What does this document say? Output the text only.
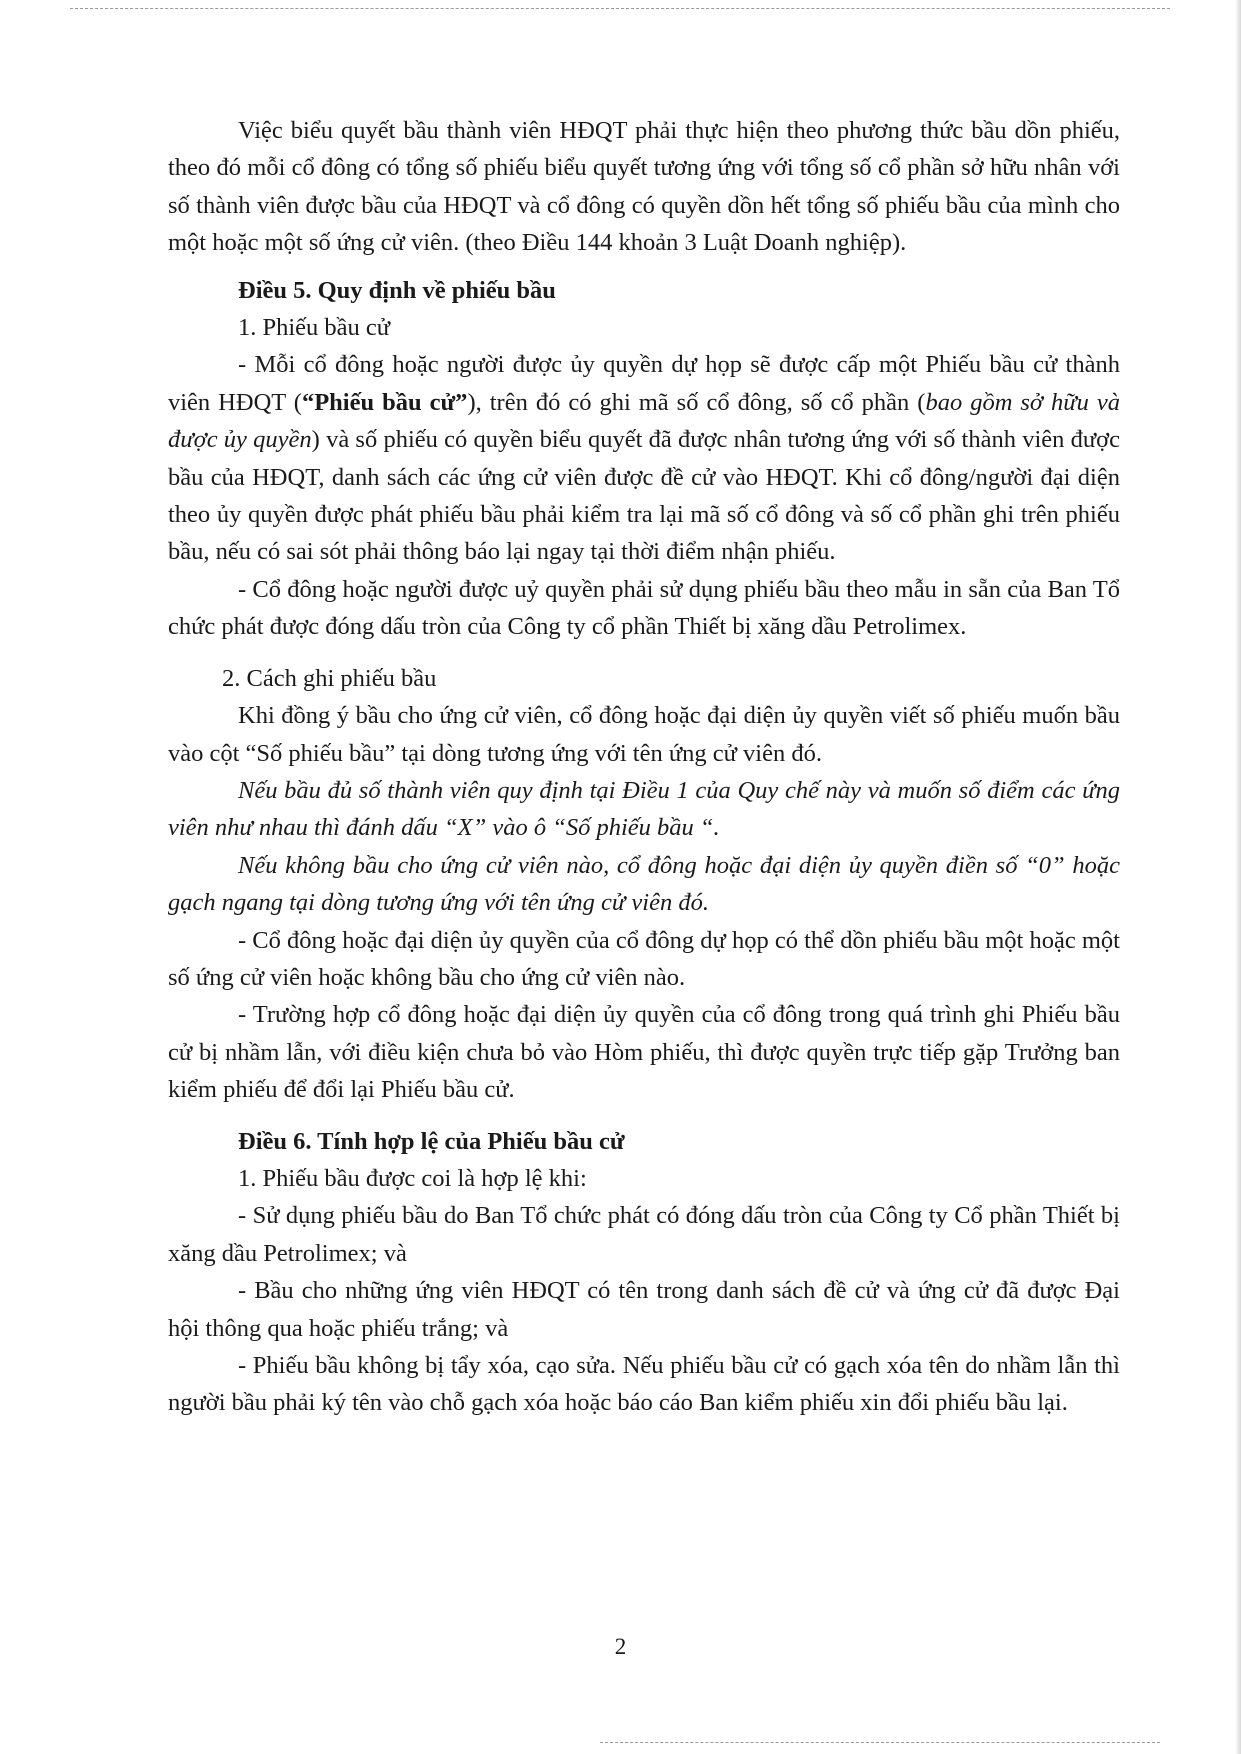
Việc biểu quyết bầu thành viên HĐQT phải thực hiện theo phương thức bầu dồn phiếu, theo đó mỗi cổ đông có tổng số phiếu biểu quyết tương ứng với tổng số cổ phần sở hữu nhân với số thành viên được bầu của HĐQT và cổ đông có quyền dồn hết tổng số phiếu bầu của mình cho một hoặc một số ứng cử viên. (theo Điều 144 khoản 3 Luật Doanh nghiệp).

Điều 5. Quy định về phiếu bầu

1. Phiếu bầu cử

- Mỗi cổ đông hoặc người được ủy quyền dự họp sẽ được cấp một Phiếu bầu cử thành viên HĐQT (“Phiếu bầu cử”), trên đó có ghi mã số cổ đông, số cổ phần (bao gồm sở hữu và được ủy quyền) và số phiếu có quyền biểu quyết đã được nhân tương ứng với số thành viên được bầu của HĐQT, danh sách các ứng cử viên được đề cử vào HĐQT. Khi cổ đông/người đại diện theo ủy quyền được phát phiếu bầu phải kiểm tra lại mã số cổ đông và số cổ phần ghi trên phiếu bầu, nếu có sai sót phải thông báo lại ngay tại thời điểm nhận phiếu.

- Cổ đông hoặc người được uỷ quyền phải sử dụng phiếu bầu theo mẫu in sẵn của Ban Tổ chức phát được đóng dấu tròn của Công ty cổ phần Thiết bị xăng dầu Petrolimex.

2. Cách ghi phiếu bầu

Khi đồng ý bầu cho ứng cử viên, cổ đông hoặc đại diện ủy quyền viết số phiếu muốn bầu vào cột “Số phiếu bầu” tại dòng tương ứng với tên ứng cử viên đó.

Nếu bầu đủ số thành viên quy định tại Điều 1 của Quy chế này và muốn số điểm các ứng viên như nhau thì đánh dấu “X” vào ô “Số phiếu bầu “.

Nếu không bầu cho ứng cử viên nào, cổ đông hoặc đại diện ủy quyền điền số “0” hoặc gạch ngang tại dòng tương ứng với tên ứng cử viên đó.

- Cổ đông hoặc đại diện ủy quyền của cổ đông dự họp có thể dồn phiếu bầu một hoặc một số ứng cử viên hoặc không bầu cho ứng cử viên nào.

- Trường hợp cổ đông hoặc đại diện ủy quyền của cổ đông trong quá trình ghi Phiếu bầu cử bị nhầm lẫn, với điều kiện chưa bỏ vào Hòm phiếu, thì được quyền trực tiếp gặp Trưởng ban kiểm phiếu để đổi lại Phiếu bầu cử.

Điều 6. Tính hợp lệ của Phiếu bầu cử

1. Phiếu bầu được coi là hợp lệ khi:

- Sử dụng phiếu bầu do Ban Tổ chức phát có đóng dấu tròn của Công ty Cổ phần Thiết bị xăng dầu Petrolimex; và

- Bầu cho những ứng viên HĐQT có tên trong danh sách đề cử và ứng cử đã được Đại hội thông qua hoặc phiếu trắng; và

- Phiếu bầu không bị tẩy xóa, cạo sửa. Nếu phiếu bầu cử có gạch xóa tên do nhầm lẫn thì người bầu phải ký tên vào chỗ gạch xóa hoặc báo cáo Ban kiểm phiếu xin đổi phiếu bầu lại.

2
